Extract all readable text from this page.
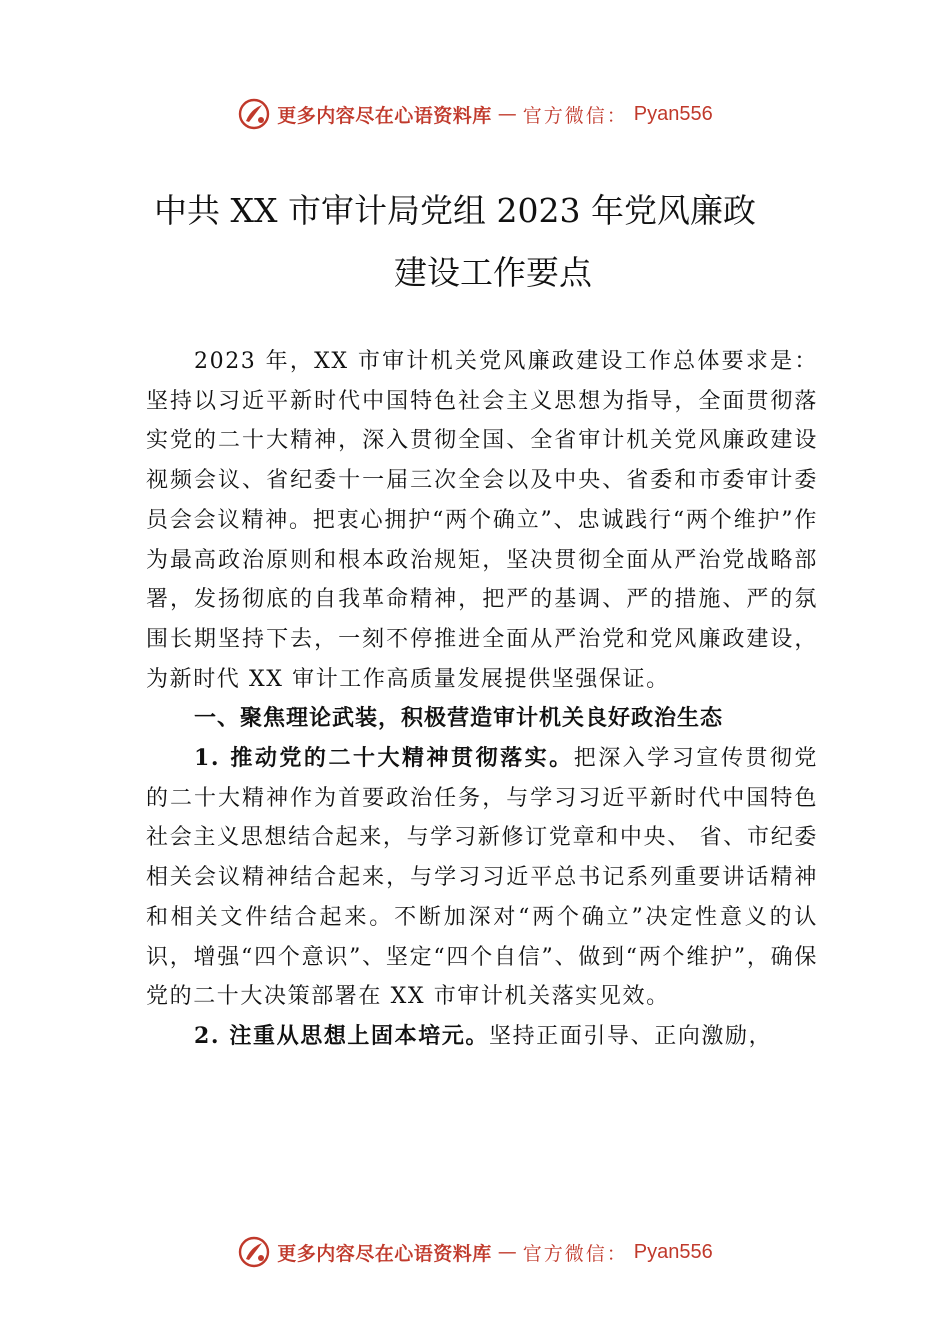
更多内容尽在心语资料库 — 官方微信： Pyan556
中共 XX 市审计局党组 2023 年党风廉政
建设工作要点

2023 年，XX 市审计机关党风廉政建设工作总体要求是：坚持以习近平新时代中国特色社会主义思想为指导，全面贯彻落实党的二十大精神，深入贯彻全国、全省审计机关党风廉政建设视频会议、省纪委十一届三次全会以及中央、省委和市委审计委员会会议精神。把衷心拥护“两个确立”、忠诚践行“两个维护”作为最高政治原则和根本政治规矩，坚决贯彻全面从严治党战略部署，发扬彻底的自我革命精神，把严的基调、严的措施、严的氛围长期坚持下去，一刻不停推进全面从严治党和党风廉政建设，为新时代 XX 审计工作高质量发展提供坚强保证。

一、聚焦理论武装，积极营造审计机关良好政治生态

1. 推动党的二十大精神贯彻落实。把深入学习宣传贯彻党的二十大精神作为首要政治任务，与学习习近平新时代中国特色社会主义思想结合起来，与学习新修订党章和中央、 省、市纪委相关会议精神结合起来，与学习习近平总书记系列重要讲话精神和相关文件结合起来。不断加深对“两个确立”决定性意义的认识，增强“四个意识”、坚定“四个自信”、做到“两个维护”，确保党的二十大决策部署在 XX 市审计机关落实见效。

2. 注重从思想上固本培元。坚持正面引导、正向激励，

更多内容尽在心语资料库 — 官方微信： Pyan556
